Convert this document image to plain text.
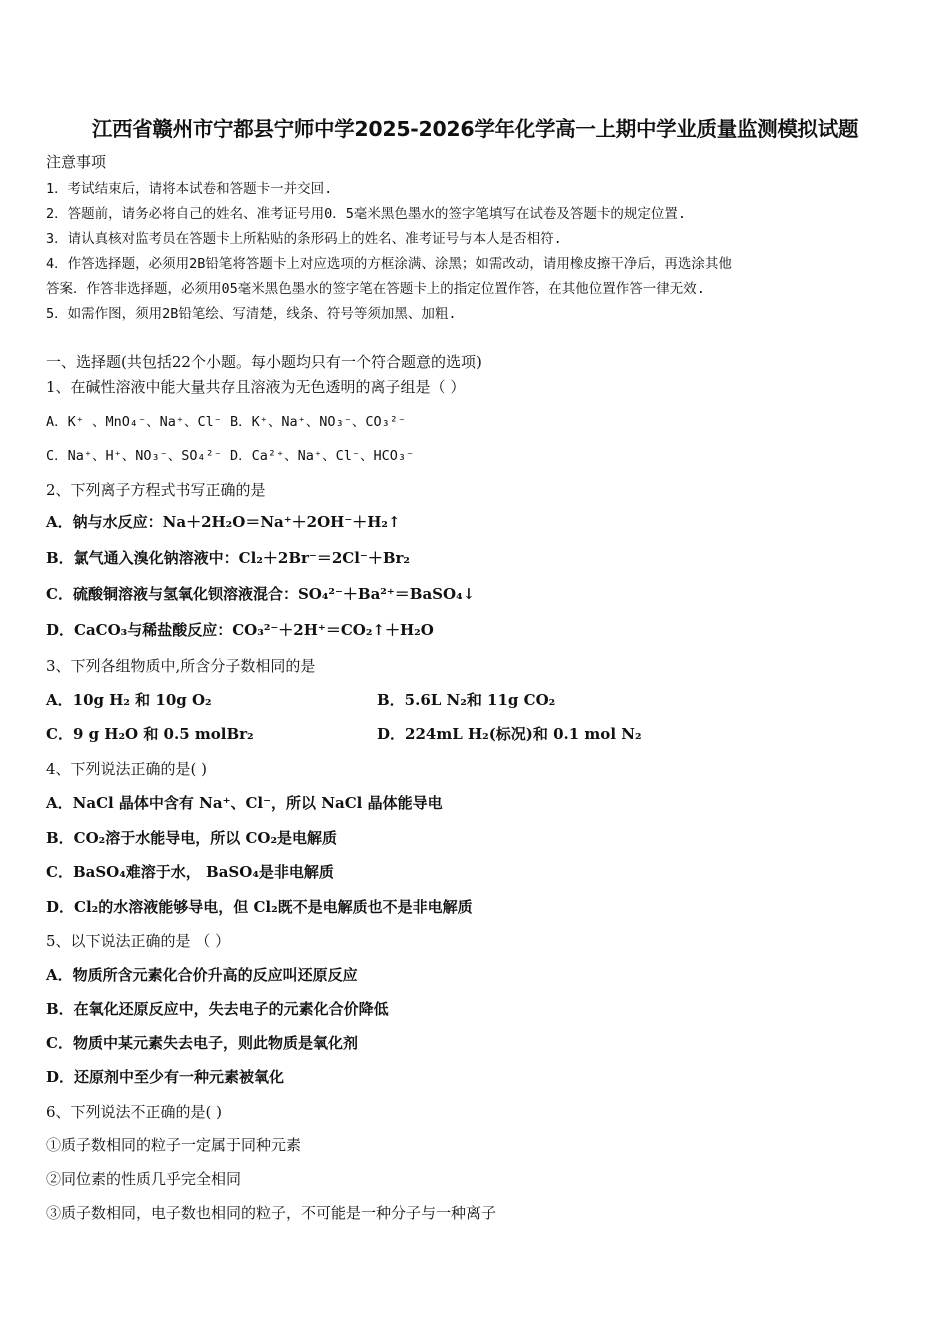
江西省赣州市宁都县宁师中学2025-2026学年化学高一上期中学业质量监测模拟试题
注意事项
1．考试结束后，请将本试卷和答题卡一并交回.
2．答题前，请务必将自己的姓名、准考证号用0．5毫米黑色墨水的签字笔填写在试卷及答题卡的规定位置.
3．请认真核对监考员在答题卡上所粘贴的条形码上的姓名、准考证号与本人是否相符.
4．作答选择题，必须用2B铅笔将答题卡上对应选项的方框涂满、涂黑；如需改动，请用橡皮擦干净后，再选涂其他
答案．作答非选择题，必须用05毫米黑色墨水的签字笔在答题卡上的指定位置作答，在其他位置作答一律无效.
5．如需作图，须用2B铅笔绘、写清楚，线条、符号等须加黑、加粗.
一、选择题(共包括22个小题。每小题均只有一个符合题意的选项)
1、在碱性溶液中能大量共存且溶液为无色透明的离子组是（ ）
A．K⁺ 、MnO₄⁻、Na⁺、Cl⁻ B．K⁺、Na⁺、NO₃⁻、CO₃²⁻
C．Na⁺、H⁺、NO₃⁻、SO₄²⁻ D．Ca²⁺、Na⁺、Cl⁻、HCO₃⁻
2、下列离子方程式书写正确的是
A．钠与水反应：Na＋2H₂O＝Na⁺＋2OH⁻＋H₂↑
B．氯气通入溴化钠溶液中：Cl₂＋2Br⁻＝2Cl⁻＋Br₂
C．硫酸铜溶液与氢氧化钡溶液混合：SO₄²⁻＋Ba²⁺＝BaSO₄↓
D．CaCO₃与稀盐酸反应：CO₃²⁻＋2H⁺＝CO₂↑＋H₂O
3、下列各组物质中,所含分子数相同的是
A．10g H₂ 和 10g O₂	B．5.6L N₂和 11g CO₂
C．9 g H₂O 和 0.5 molBr₂	D．224mL H₂(标况)和 0.1 mol N₂
4、下列说法正确的是( )
A．NaCl 晶体中含有 Na⁺、Cl⁻，所以 NaCl 晶体能导电
B．CO₂溶于水能导电，所以 CO₂是电解质
C．BaSO₄难溶于水， BaSO₄是非电解质
D．Cl₂的水溶液能够导电，但 Cl₂既不是电解质也不是非电解质
5、以下说法正确的是 （ ）
A．物质所含元素化合价升高的反应叫还原反应
B．在氧化还原反应中，失去电子的元素化合价降低
C．物质中某元素失去电子，则此物质是氧化剂
D．还原剂中至少有一种元素被氧化
6、下列说法不正确的是( )
①质子数相同的粒子一定属于同种元素
②同位素的性质几乎完全相同
③质子数相同，电子数也相同的粒子，不可能是一种分子与一种离子
